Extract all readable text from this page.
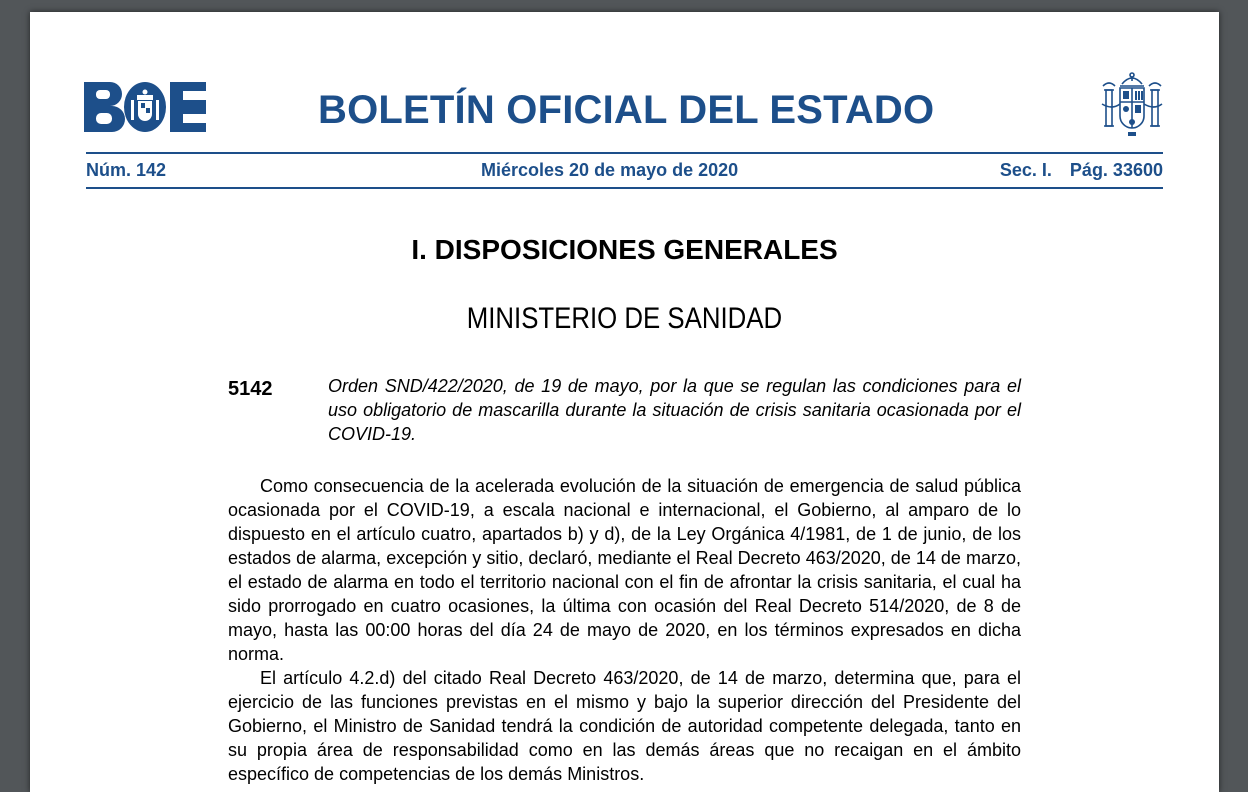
BOLETÍN OFICIAL DEL ESTADO
Núm. 142	Miércoles 20 de mayo de 2020	Sec. I. Pág. 33600
I. DISPOSICIONES GENERALES
MINISTERIO DE SANIDAD
5142	Orden SND/422/2020, de 19 de mayo, por la que se regulan las condiciones para el uso obligatorio de mascarilla durante la situación de crisis sanitaria ocasionada por el COVID-19.

Como consecuencia de la acelerada evolución de la situación de emergencia de salud pública ocasionada por el COVID-19, a escala nacional e internacional, el Gobierno, al amparo de lo dispuesto en el artículo cuatro, apartados b) y d), de la Ley Orgánica 4/1981, de 1 de junio, de los estados de alarma, excepción y sitio, declaró, mediante el Real Decreto 463/2020, de 14 de marzo, el estado de alarma en todo el territorio nacional con el fin de afrontar la crisis sanitaria, el cual ha sido prorrogado en cuatro ocasiones, la última con ocasión del Real Decreto 514/2020, de 8 de mayo, hasta las 00:00 horas del día 24 de mayo de 2020, en los términos expresados en dicha norma.

El artículo 4.2.d) del citado Real Decreto 463/2020, de 14 de marzo, determina que, para el ejercicio de las funciones previstas en el mismo y bajo la superior dirección del Presidente del Gobierno, el Ministro de Sanidad tendrá la condición de autoridad competente delegada, tanto en su propia área de responsabilidad como en las demás áreas que no recaigan en el ámbito específico de competencias de los demás Ministros.
